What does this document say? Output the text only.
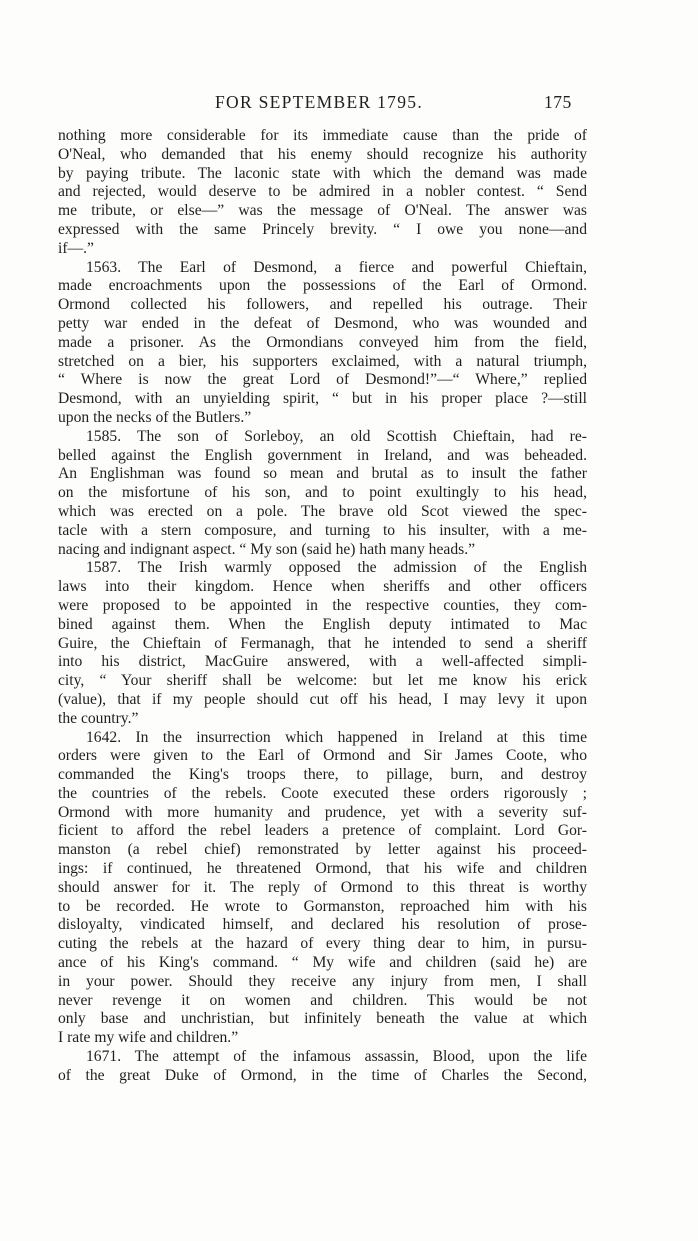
FOR SEPTEMBER 1795.	175
nothing more considerable for its immediate cause than the pride of
O'Neal, who demanded that his enemy should recognize his authority
by paying tribute. The laconic state with which the demand was made
and rejected, would deserve to be admired in a nobler contest. “ Send
me tribute, or else—” was the message of O'Neal. The answer was
expressed with the same Princely brevity. “ I owe you none—and
if—.”
1563. The Earl of Desmond, a fierce and powerful Chieftain,
made encroachments upon the possessions of the Earl of Ormond.
Ormond collected his followers, and repelled his outrage. Their
petty war ended in the defeat of Desmond, who was wounded and
made a prisoner. As the Ormondians conveyed him from the field,
stretched on a bier, his supporters exclaimed, with a natural triumph,
“ Where is now the great Lord of Desmond!”—“ Where,” replied
Desmond, with an unyielding spirit, “ but in his proper place ?—still
upon the necks of the Butlers.”
1585. The son of Sorleboy, an old Scottish Chieftain, had re-
belled against the English government in Ireland, and was beheaded.
An Englishman was found so mean and brutal as to insult the father
on the misfortune of his son, and to point exultingly to his head,
which was erected on a pole. The brave old Scot viewed the spec-
tacle with a stern composure, and turning to his insulter, with a me-
nacing and indignant aspect. “ My son (said he) hath many heads.”
1587. The Irish warmly opposed the admission of the English
laws into their kingdom. Hence when sheriffs and other officers
were proposed to be appointed in the respective counties, they com-
bined against them. When the English deputy intimated to Mac
Guire, the Chieftain of Fermanagh, that he intended to send a sheriff
into his district, MacGuire answered, with a well-affected simpli-
city, “ Your sheriff shall be welcome: but let me know his erick
(value), that if my people should cut off his head, I may levy it upon
the country.”
1642. In the insurrection which happened in Ireland at this time
orders were given to the Earl of Ormond and Sir James Coote, who
commanded the King's troops there, to pillage, burn, and destroy
the countries of the rebels. Coote executed these orders rigorously ;
Ormond with more humanity and prudence, yet with a severity suf-
ficient to afford the rebel leaders a pretence of complaint. Lord Gor-
manston (a rebel chief) remonstrated by letter against his proceed-
ings: if continued, he threatened Ormond, that his wife and children
should answer for it. The reply of Ormond to this threat is worthy
to be recorded. He wrote to Gormanston, reproached him with his
disloyalty, vindicated himself, and declared his resolution of prose-
cuting the rebels at the hazard of every thing dear to him, in pursu-
ance of his King's command. “ My wife and children (said he) are
in your power. Should they receive any injury from men, I shall
never revenge it on women and children. This would be not
only base and unchristian, but infinitely beneath the value at which
I rate my wife and children.”
1671. The attempt of the infamous assassin, Blood, upon the life
of the great Duke of Ormond, in the time of Charles the Second,
